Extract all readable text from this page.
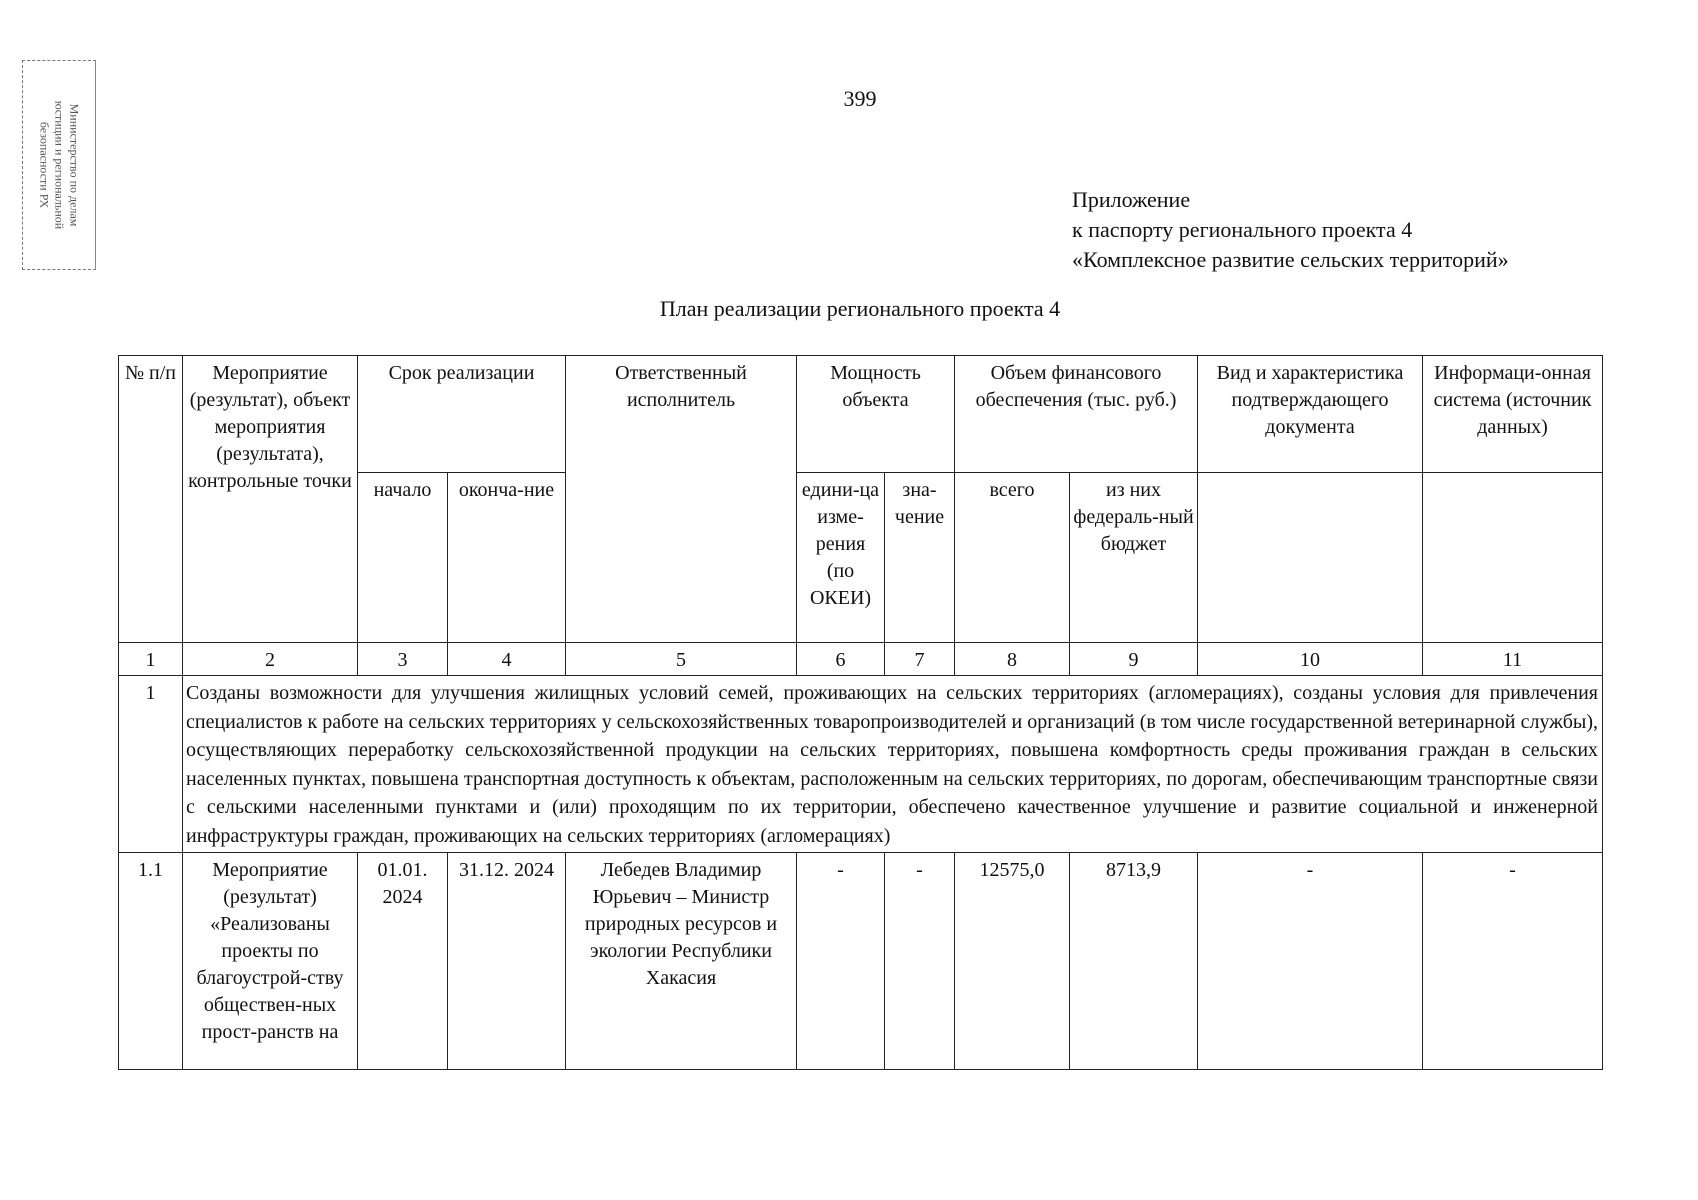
Министерство по делам
юстиции и региональной
безопасности РХ
399
Приложение
к паспорту регионального проекта 4
«Комплексное развитие сельских территорий»
План реализации регионального проекта 4
№ п/п	Мероприятие (результат), объект мероприятия (результата), контрольные точки	Срок реализации		Ответственный исполнитель	Мощность объекта		Объем финансового обеспечения (тыс. руб.)		Вид и характеристика подтверждающего документа	Информаци-онная система (источник данных)
		начало	оконча-ние		едини-ца изме-рения (по ОКЕИ)	зна-чение	всего	из них федераль-ный бюджет		
1	2	3	4	5	6	7	8	9	10	11
1	Созданы возможности для улучшения жилищных условий семей, проживающих на сельских территориях (агломерациях), созданы условия для привлечения специалистов к работе на сельских территориях у сельскохозяйственных товаропроизводителей и организаций (в том числе государственной ветеринарной службы), осуществляющих переработку сельскохозяйственной продукции на сельских территориях, повышена комфортность среды проживания граждан в сельских населенных пунктах, повышена транспортная доступность к объектам, расположенным на сельских территориях, по дорогам, обеспечивающим транспортные связи с сельскими населенными пунктами и (или) проходящим по их территории, обеспечено качественное улучшение и развитие социальной и инженерной инфраструктуры граждан, проживающих на сельских территориях (агломерациях)									
1.1	Мероприятие (результат) «Реализованы проекты по благоустрой-ству обществен-ных прост-ранств на	01.01. 2024	31.12. 2024	Лебедев Владимир Юрьевич – Министр природных ресурсов и экологии Республики Хакасия	-	-	12575,0	8713,9	-	-
